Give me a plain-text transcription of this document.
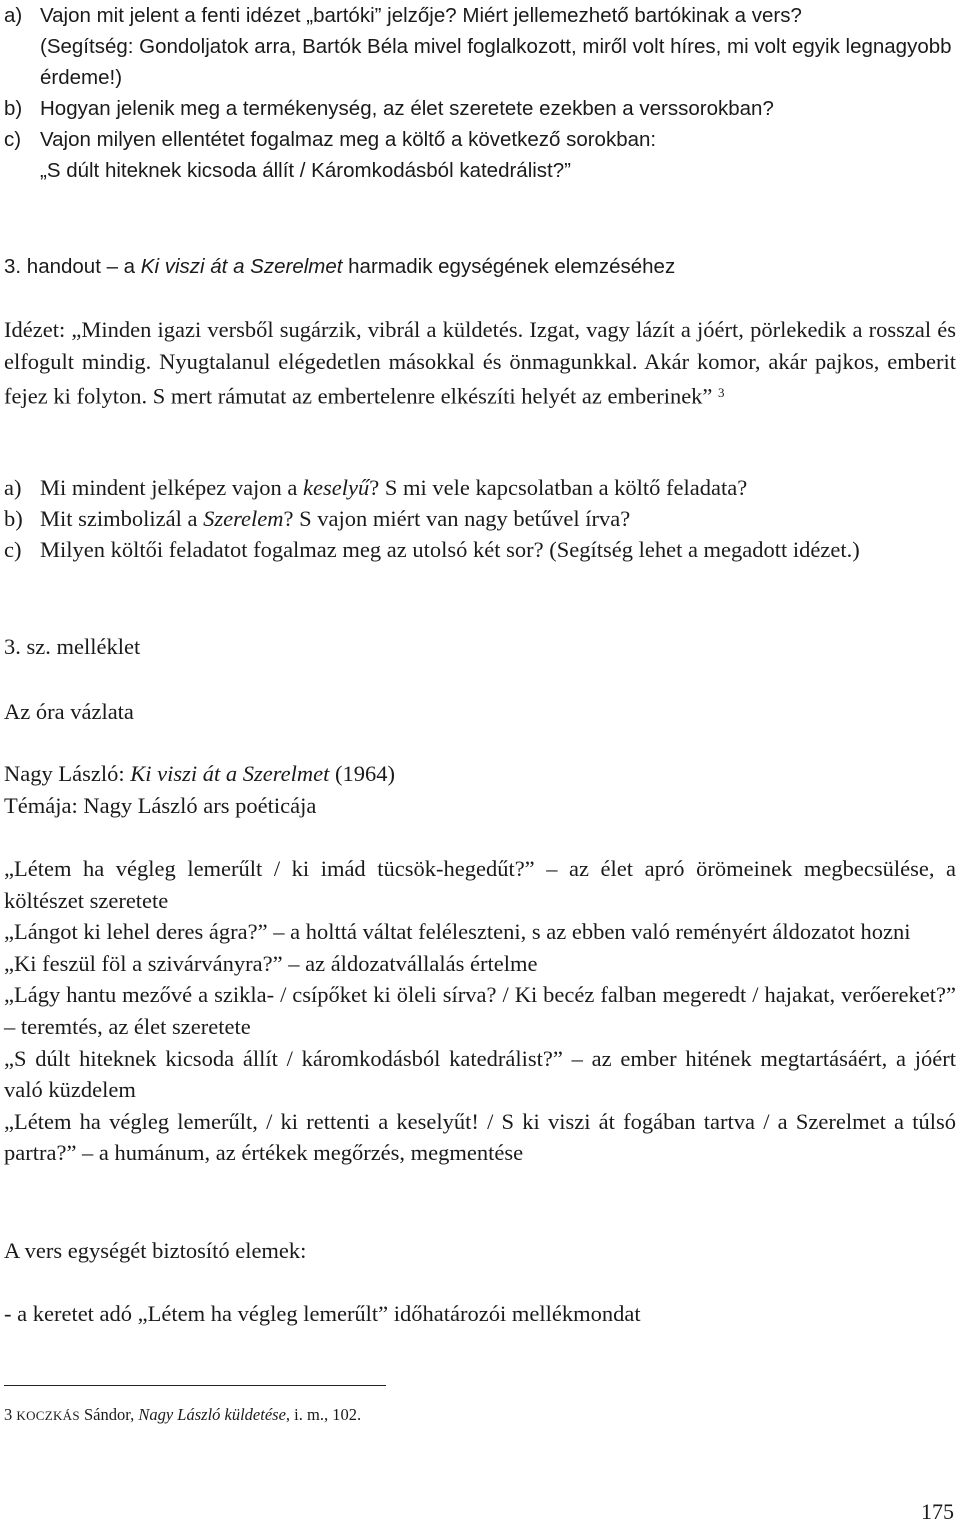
a) Vajon mit jelent a fenti idézet „bartóki” jelzője? Miért jellemezhető bartókinak a vers?
(Segítség: Gondoljatok arra, Bartók Béla mivel foglalkozott, miről volt híres, mi volt egyik legnagyobb érdeme!)
b) Hogyan jelenik meg a termékenység, az élet szeretete ezekben a verssorokban?
c) Vajon milyen ellentétet fogalmaz meg a költő a következő sorokban:
„S dúlt hiteknek kicsoda állít / Káromkodásból katedrálist?”

3. handout – a Ki viszi át a Szerelmet harmadik egységének elemzéséhez

Idézet: „Minden igazi versből sugárzik, vibrál a küldetés. Izgat, vagy lázít a jóért, pörlekedik a rosszal és elfogult mindig. Nyugtalanul elégedetlen másokkal és önmagunkkal. Akár komor, akár pajkos, emberit fejez ki folyton. S mert rámutat az embertelenre elkészíti helyét az emberinek” $^3$

a) Mi mindent jelképez vajon a keselyű? S mi vele kapcsolatban a költő feladata?
b) Mit szimbolizál a Szerelem? S vajon miért van nagy betűvel írva?
c) Milyen költői feladatot fogalmaz meg az utolsó két sor? (Segítség lehet a megadott idézet.)

3. sz. melléklet

Az óra vázlata

Nagy László: Ki viszi át a Szerelmet (1964)

Témája: Nagy László ars poéticája

„Létem ha végleg lemerűlt / ki imád tücsök-hegedűt?” – az élet apró örömeinek megbecsülése, a költészet szeretete

„Lángot ki lehel deres ágra?” – a holttá váltat feléleszteni, s az ebben való reményért áldozatot hozni

„Ki feszül föl a szivárványra?” – az áldozatvállalás értelme

„Lágy hantu mezővé a szikla- / csípőket ki öleli sírva? / Ki becéz falban megeredt / hajakat, verőereket?” – teremtés, az élet szeretete

„S dúlt hiteknek kicsoda állít / káromkodásból katedrálist?” – az ember hitének megtartásáért, a jóért való küzdelem

„Létem ha végleg lemerűlt, / ki rettenti a keselyűt! / S ki viszi át fogában tartva / a Szerelmet a túlsó partra?” – a humánum, az értékek megőrzés, megmentése

A vers egységét biztosító elemek:

- a keretet adó „Létem ha végleg lemerűlt” időhatározói mellékmondat

3 KOCZKÁS Sándor, Nagy László küldetése, i. m., 102.

175
